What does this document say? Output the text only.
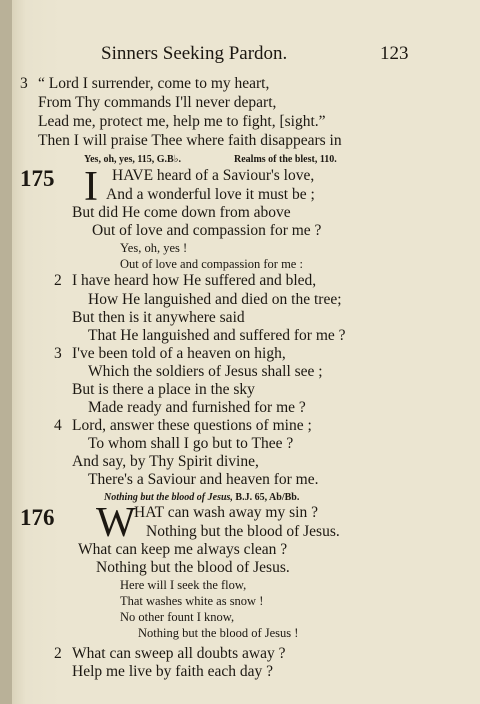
Sinners Seeking Pardon.	123
3 “ Lord I surrender, come to my heart,
From Thy commands I'll never depart,
Lead me, protect me, help me to fight, [sight.”
Then I will praise Thee where faith disappears in
Yes, oh, yes, 115, G.B♭.	Realms of the blest, 110.
175 I HAVE heard of a Saviour's love,
And a wonderful love it must be ;
But did He come down from above
Out of love and compassion for me ?
Yes, oh, yes !
Out of love and compassion for me :
2 I have heard how He suffered and bled,
How He languished and died on the tree;
But then is it anywhere said
That He languished and suffered for me ?
3 I've been told of a heaven on high,
Which the soldiers of Jesus shall see ;
But is there a place in the sky
Made ready and furnished for me ?
4 Lord, answer these questions of mine ;
To whom shall I go but to Thee ?
And say, by Thy Spirit divine,
There's a Saviour and heaven for me.
Nothing but the blood of Jesus, B.J. 65, Ab/Bb.
176 W
HAT can wash away my sin ?
Nothing but the blood of Jesus.
What can keep me always clean ?
Nothing but the blood of Jesus.
Here will I seek the flow,
That washes white as snow !
No other fount I know,
Nothing but the blood of Jesus !
2 What can sweep all doubts away ?
Help me live by faith each day ?
